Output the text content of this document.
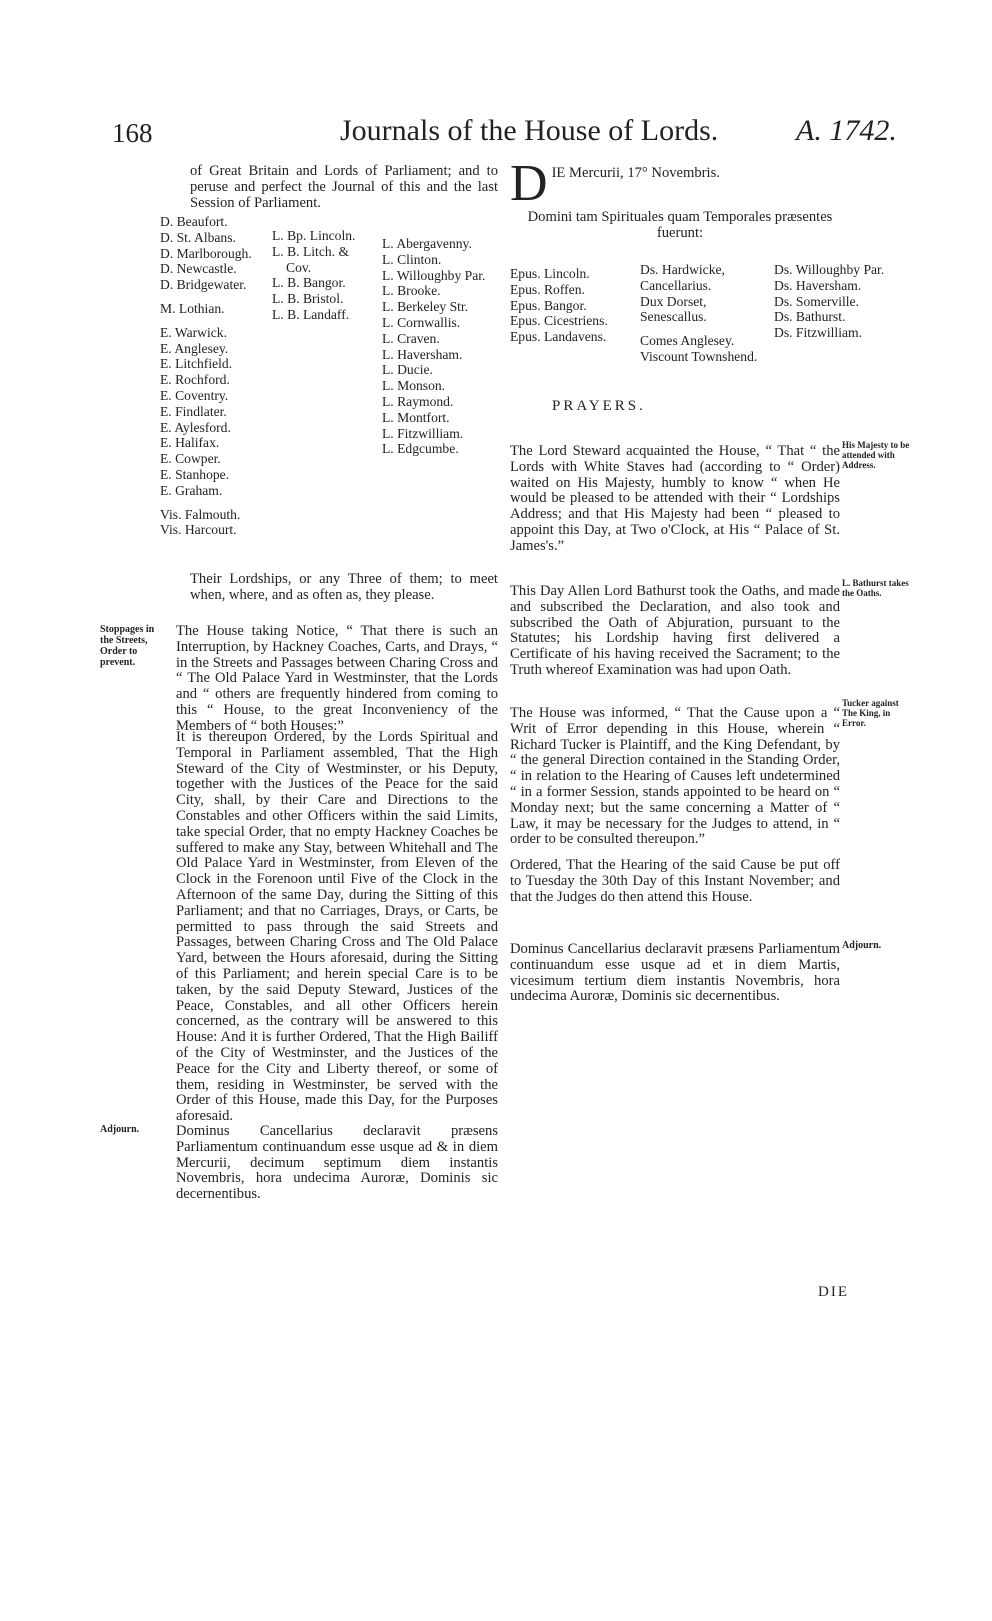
168	Journals of the House of Lords.	A. 1742.
of Great Britain and Lords of Parliament; and to peruse and perfect the Journal of this and the last Session of Parliament.
D. Beaufort.
D. St. Albans.
D. Marlborough.
D. Newcastle.
D. Bridgewater.
M. Lothian.
E. Warwick.
E. Anglesey.
E. Litchfield.
E. Rochford.
E. Coventry.
E. Findlater.
E. Aylesford.
E. Halifax.
E. Cowper.
E. Stanhope.
E. Graham.
Vis. Falmouth.
Vis. Harcourt.
L. Bp. Lincoln.
L. B. Litch. &
Cov.
L. B. Bangor.
L. B. Bristol.
L. B. Landaff.
L. Abergavenny.
L. Clinton.
L. Willoughby Par.
L. Brooke.
L. Berkeley Str.
L. Cornwallis.
L. Craven.
L. Haversham.
L. Ducie.
L. Monson.
L. Raymond.
L. Montfort.
L. Fitzwilliam.
L. Edgcumbe.
Their Lordships, or any Three of them; to meet when, where, and as often as, they please.
Stoppages in the Streets, Order to prevent.
The House taking Notice, “ That there is such an Interruption, by Hackney Coaches, Carts, and Drays, “ in the Streets and Passages between Charing Cross and “ The Old Palace Yard in Westminster, that the Lords and “ others are frequently hindered from coming to this “ House, to the great Inconveniency of the Members of “ both Houses:”
It is thereupon Ordered, by the Lords Spiritual and Temporal in Parliament assembled, That the High Steward of the City of Westminster, or his Deputy, together with the Justices of the Peace for the said City, shall, by their Care and Directions to the Constables and other Officers within the said Limits, take special Order, that no empty Hackney Coaches be suffered to make any Stay, between Whitehall and The Old Palace Yard in Westminster, from Eleven of the Clock in the Forenoon until Five of the Clock in the Afternoon of the same Day, during the Sitting of this Parliament; and that no Carriages, Drays, or Carts, be permitted to pass through the said Streets and Passages, between Charing Cross and The Old Palace Yard, between the Hours aforesaid, during the Sitting of this Parliament; and herein special Care is to be taken, by the said Deputy Steward, Justices of the Peace, Constables, and all other Officers herein concerned, as the contrary will be answered to this House: And it is further Ordered, That the High Bailiff of the City of Westminster, and the Justices of the Peace for the City and Liberty thereof, or some of them, residing in Westminster, be served with the Order of this House, made this Day, for the Purposes aforesaid.
Adjourn.	Dominus Cancellarius declaravit præsens Parliamentum continuandum esse usque ad & in diem Mercurii, decimum septimum diem instantis Novembris, hora undecima Auroræ, Dominis sic decernentibus.
D IE Mercurii, 17° Novembris.
Domini tam Spirituales quam Temporales præsentes fuerunt:
Epus. Lincoln.
Epus. Roffen.
Epus. Bangor.
Epus. Cicestriens.
Epus. Landavens.
Ds. Hardwicke, Cancellarius.
Dux Dorset, Senescallus.
Comes Anglesey.
Viscount Townshend.
Ds. Willoughby Par.
Ds. Haversham.
Ds. Somerville.
Ds. Bathurst.
Ds. Fitzwilliam.
PRAYERS.
The Lord Steward acquainted the House, “ That “ the Lords with White Staves had (according to “ Order) waited on His Majesty, humbly to know “ when He would be pleased to be attended with their “ Lordships Address; and that His Majesty had been “ pleased to appoint this Day, at Two o'Clock, at His “ Palace of St. James's.”
His Majesty to be attended with Address.
This Day Allen Lord Bathurst took the Oaths, and made and subscribed the Declaration, and also took and subscribed the Oath of Abjuration, pursuant to the Statutes; his Lordship having first delivered a Certificate of his having received the Sacrament; to the Truth whereof Examination was had upon Oath.
L. Bathurst takes the Oaths.
The House was informed, “ That the Cause upon a “ Writ of Error depending in this House, wherein “ Richard Tucker is Plaintiff, and the King Defendant, by “ the general Direction contained in the Standing Order, “ in relation to the Hearing of Causes left undetermined “ in a former Session, stands appointed to be heard on “ Monday next; but the same concerning a Matter of “ Law, it may be necessary for the Judges to attend, in “ order to be consulted thereupon.”
Tucker against The King, in Error.
Ordered, That the Hearing of the said Cause be put off to Tuesday the 30th Day of this Instant November; and that the Judges do then attend this House.
Dominus Cancellarius declaravit præsens Parliamentum continuandum esse usque ad et in diem Martis, vicesimum tertium diem instantis Novembris, hora undecima Auroræ, Dominis sic decernentibus.
Adjourn.
DIE
